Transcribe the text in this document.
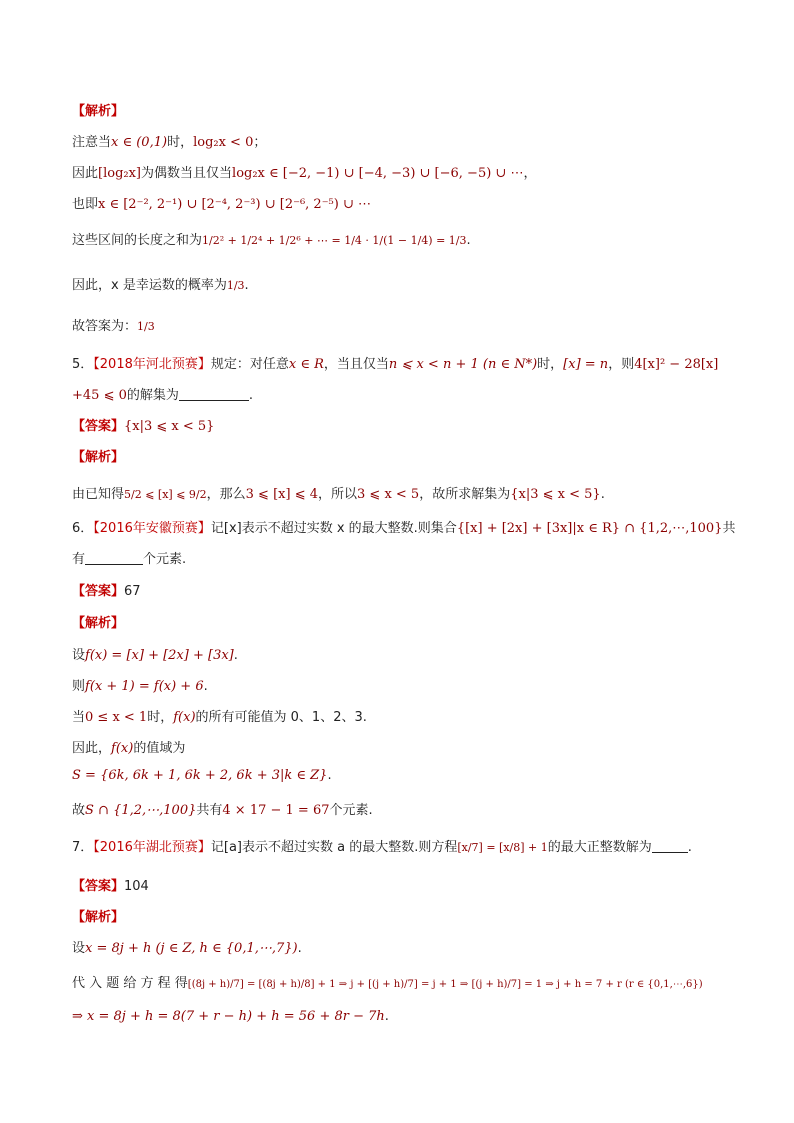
【解析】
注意当x ∈ (0,1)时，log₂x < 0；
因此[log₂x]为偶数当且仅当log₂x ∈ [−2, −1) ∪ [−4, −3) ∪ [−6, −5) ∪ ⋯，
也即x ∈ [2⁻², 2⁻¹) ∪ [2⁻⁴, 2⁻³) ∪ [2⁻⁶, 2⁻⁵) ∪ ⋯
这些区间的长度之和为1/2² + 1/2⁴ + 1/2⁶ + ⋯ = 1/4 · 1/(1 − 1/4) = 1/3.
因此，x 是幸运数的概率为1/3.
故答案为：1/3
5．【2018年河北预赛】规定：对任意x ∈ R，当且仅当n ⩽ x < n + 1 (n ∈ N*)时，[x] = n，则4[x]² − 28[x]
+45 ⩽ 0的解集为	.
【答案】{x|3 ⩽ x < 5}
【解析】
由已知得5/2 ⩽ [x] ⩽ 9/2，那么3 ⩽ [x] ⩽ 4，所以3 ⩽ x < 5，故所求解集为{x|3 ⩽ x < 5}.
6．【2016年安徽预赛】记[x]表示不超过实数 x 的最大整数.则集合{[x] + [2x] + [3x]|x ∈ R} ∩ {1,2,⋯,100}共
有	个元素.
【答案】67
【解析】
设f(x) = [x] + [2x] + [3x].
则f(x + 1) = f(x) + 6.
当0 ≤ x < 1时，f(x)的所有可能值为 0、1、2、3.
因此，f(x)的值域为
S = {6k, 6k + 1, 6k + 2, 6k + 3|k ∈ Z}.
故S ∩ {1,2,⋯,100}共有4 × 17 − 1 = 67个元素.
7．【2016年湖北预赛】记[a]表示不超过实数 a 的最大整数.则方程[x/7] = [x/8] + 1的最大正整数解为	.
【答案】104
【解析】
设x = 8j + h (j ∈ Z, h ∈ {0,1,⋯,7}).
代 入 题 给 方 程 得[(8j + h)/7] = [(8j + h)/8] + 1 ⇒ j + [(j + h)/7] = j + 1 ⇒ [(j + h)/7] = 1 ⇒ j + h = 7 + r (r ∈ {0,1,⋯,6})
⇒ x = 8j + h = 8(7 + r − h) + h = 56 + 8r − 7h.
